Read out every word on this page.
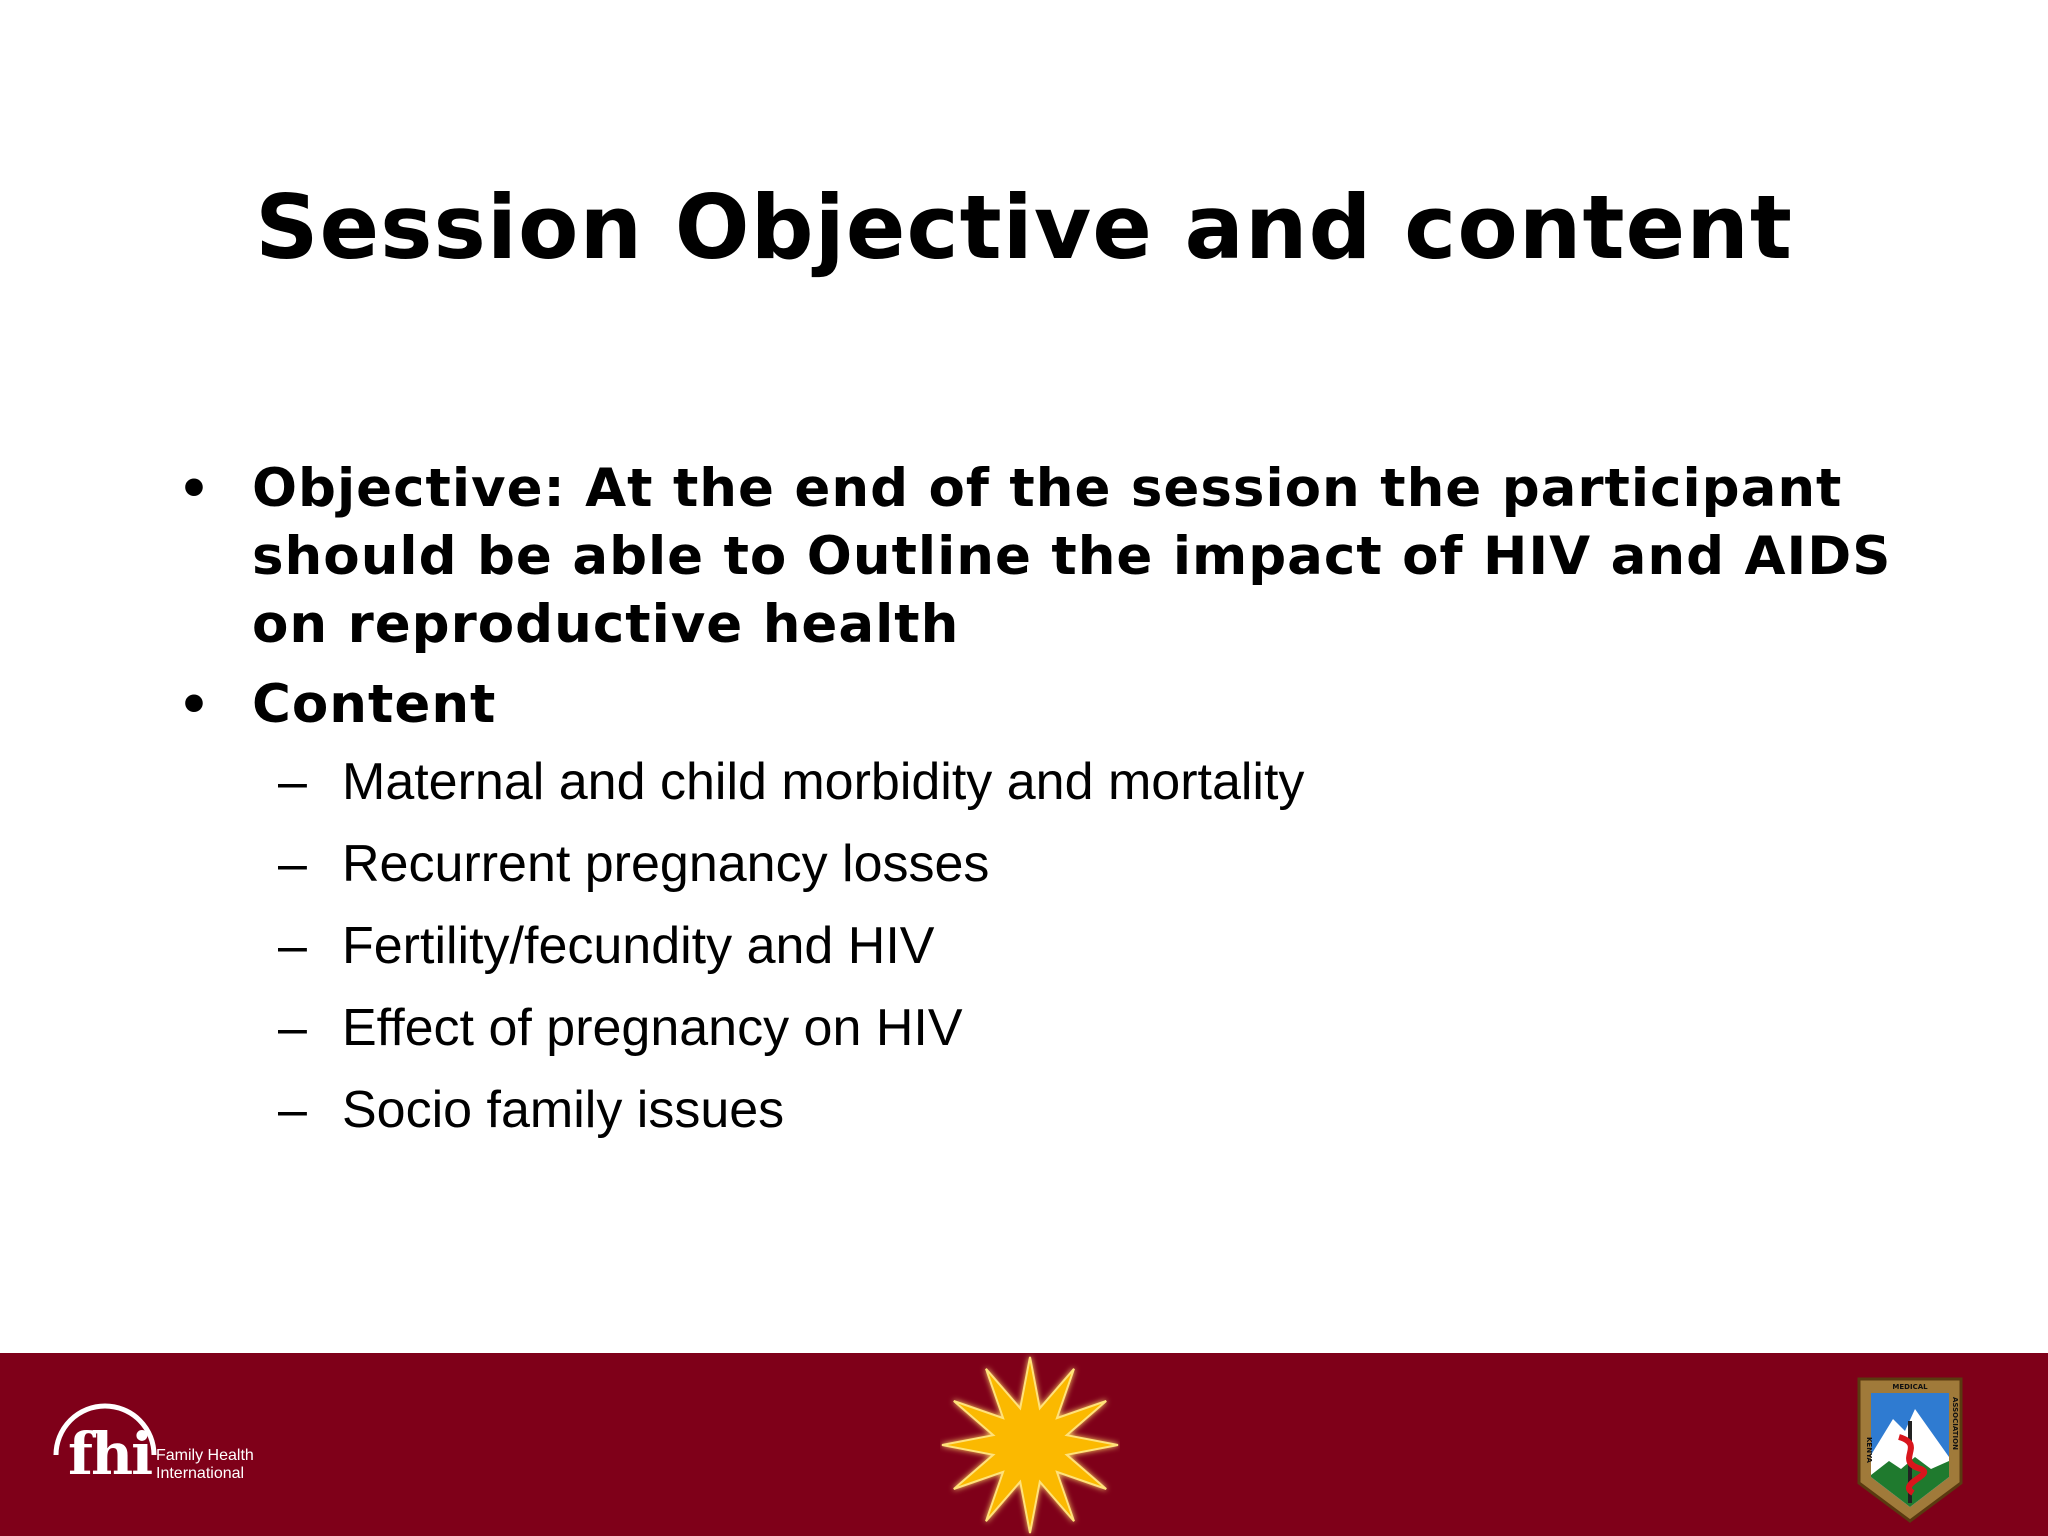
Session Objective and content
• Objective: At the end of the session the participant should be able to Outline the impact of HIV and AIDS on reproductive health
• Content
– Maternal and child morbidity and mortality
– Recurrent pregnancy losses
– Fertility/fecundity and HIV
– Effect of pregnancy on HIV
– Socio family issues
fhi Family Health International
MEDICAL
KENYA	ASSOCIATION
